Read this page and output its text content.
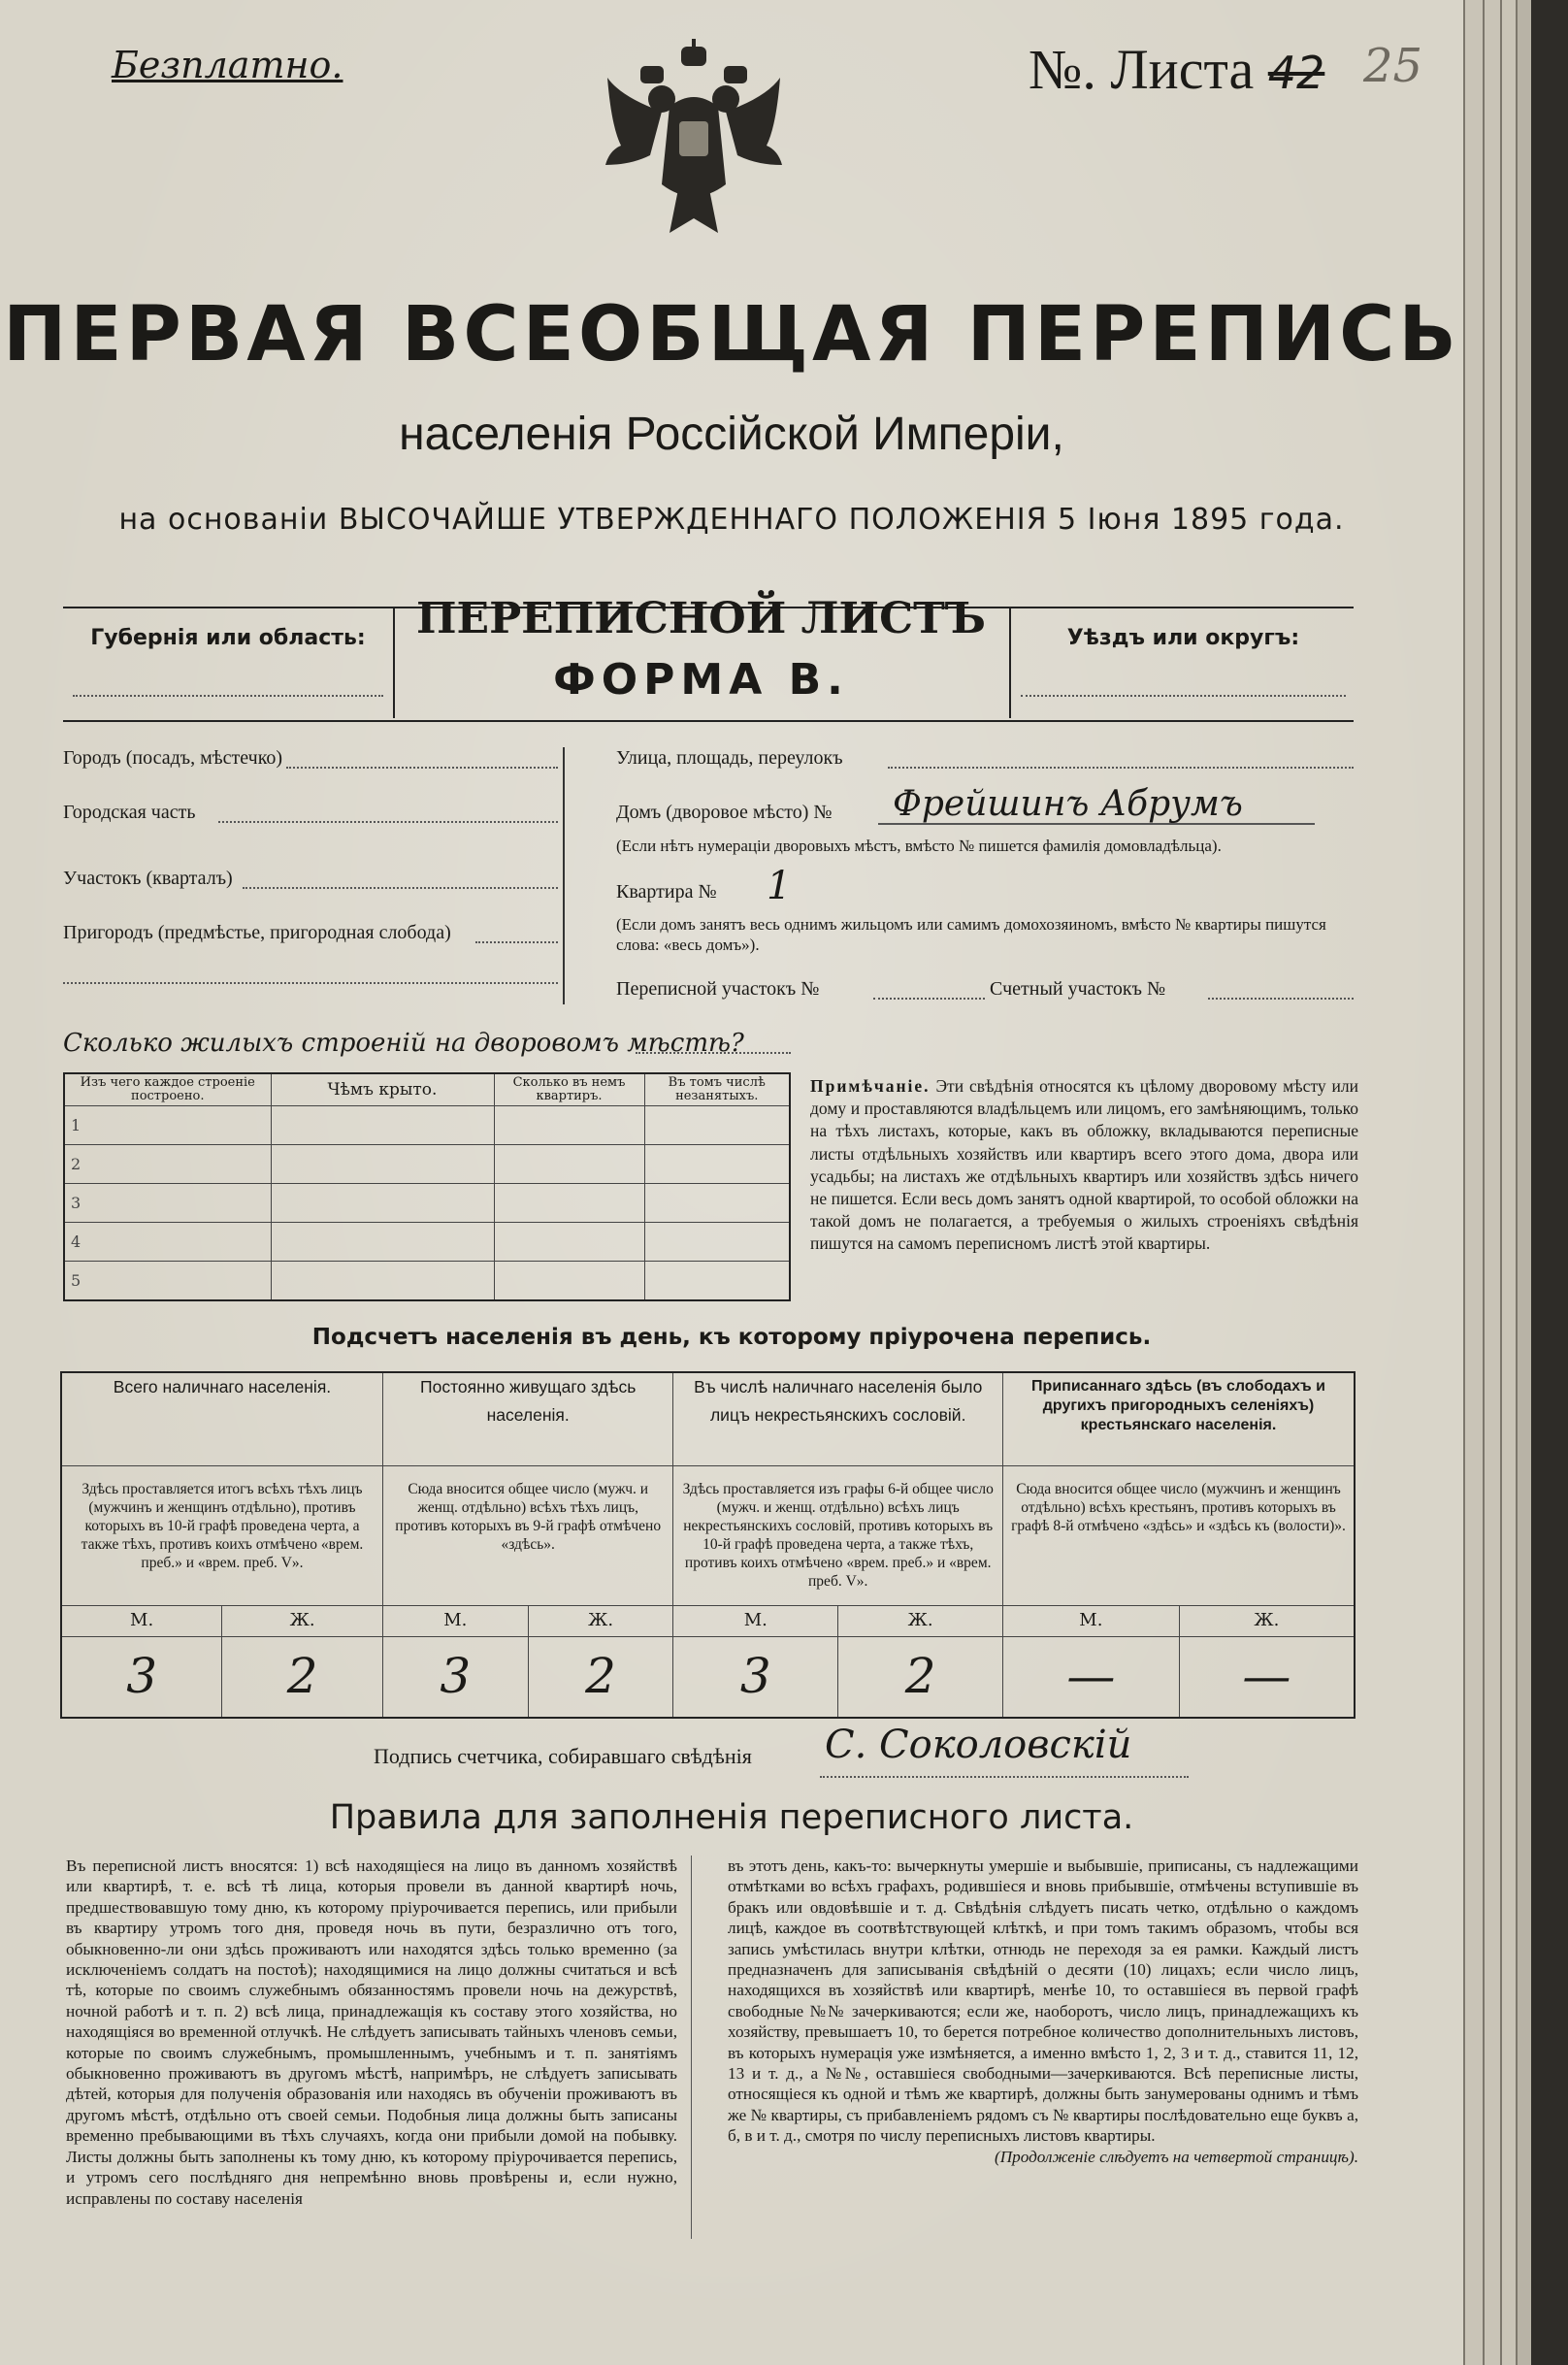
Безплатно.	№. Листа 42 25
ПЕРВАЯ ВСЕОБЩАЯ ПЕРЕПИСЬ
населенія Россійской Имперіи,
на основаніи ВЫСОЧАЙШЕ УТВЕРЖДЕННАГО ПОЛОЖЕНІЯ 5 Іюня 1895 года.
Губернія или область:	ПЕРЕПИСНОЙ ЛИСТЪ
ФОРМА В.
Уѣздъ или округъ:
Городъ (посадъ, мѣстечко)
Городская часть
Участокъ (кварталъ)
Пригородъ (предмѣстье, пригородная слобода)
Улица, площадь, переулокъ
Домъ (дворовое мѣсто) № Фрейшинъ Абрумъ
(Если нѣтъ нумераціи дворовыхъ мѣстъ, вмѣсто № пишется фамилія домовладѣльца).
Квартира № 1
(Если домъ занятъ весь однимъ жильцомъ или самимъ домохозяиномъ, вмѣсто № квартиры пишутся слова: «весь домъ»).
Переписной участокъ №	Счетный участокъ №
Сколько жилыхъ строеній на дворовомъ мѣстѣ?
Изъ чего каждое строеніе построено.	Чѣмъ крыто.	Сколько въ немъ квартиръ.	Въ томъ числѣ незанятыхъ.
1			
2			
3			
4			
5			
Примѣчаніе. Эти свѣдѣнія относятся къ цѣлому дворовому мѣсту или дому и проставляются владѣльцемъ или лицомъ, его замѣняющимъ, только на тѣхъ листахъ, которые, какъ въ обложку, вкладываются переписные листы отдѣльныхъ хозяйствъ или квартиръ всего этого дома, двора или усадьбы; на листахъ же отдѣльныхъ квартиръ или хозяйствъ здѣсь ничего не пишется. Если весь домъ занятъ одной квартирой, то особой обложки на такой домъ не полагается, а требуемыя о жилыхъ строеніяхъ свѣдѣнія пишутся на самомъ переписномъ листѣ этой квартиры.
Подсчетъ населенія въ день, къ которому пріурочена перепись.
Всего наличнаго населенія.		Постоянно живущаго здѣсь населенія.		Въ числѣ наличнаго населенія было лицъ некрестьянскихъ сословій.		Приписаннаго здѣсь (въ слободахъ и другихъ пригородныхъ селеніяхъ) крестьянскаго населенія.	
Здѣсь проставляется итогъ всѣхъ тѣхъ лицъ (мужчинъ и женщинъ отдѣльно), противъ которыхъ въ 10-й графѣ проведена черта, а также тѣхъ, противъ коихъ отмѣчено «врем. преб.» и «врем. преб. V».		Сюда вносится общее число (мужч. и женщ. отдѣльно) всѣхъ тѣхъ лицъ, противъ которыхъ въ 9-й графѣ отмѣчено «здѣсь».		Здѣсь проставляется изъ графы 6-й общее число (мужч. и женщ. отдѣльно) всѣхъ лицъ некрестьянскихъ сословій, противъ которыхъ въ 10-й графѣ проведена черта, а также тѣхъ, противъ коихъ отмѣчено «врем. преб.» и «врем. преб. V».		Сюда вносится общее число (мужчинъ и женщинъ отдѣльно) всѣхъ крестьянъ, противъ которыхъ въ графѣ 8-й отмѣчено «здѣсь» и «здѣсь къ (волости)».	
М.	Ж.	М.	Ж.	М.	Ж.	М.	Ж.
3	2	3	2	3	2	—	—
Подпись счетчика, собиравшаго свѣдѣнія С. Соколовскій
Правила для заполненія переписного листа.
Въ переписной листъ вносятся: 1) всѣ находящіеся на лицо въ данномъ хозяйствѣ или квартирѣ, т. е. всѣ тѣ лица, которыя провели въ данной квартирѣ ночь, предшествовавшую тому дню, къ которому пріурочивается перепись, или прибыли въ квартиру утромъ того дня, проведя ночь въ пути, безразлично отъ того, обыкновенно-ли они здѣсь проживаютъ или находятся здѣсь только временно (за исключеніемъ солдатъ на постоѣ); находящимися на лицо должны считаться и всѣ тѣ, которые по своимъ служебнымъ обязанностямъ провели ночь на дежурствѣ, ночной работѣ и т. п. 2) всѣ лица, принадлежащія къ составу этого хозяйства, но находящіяся во временной отлучкѣ. Не слѣдуетъ записывать тайныхъ членовъ семьи, которые по своимъ служебнымъ, промышленнымъ, учебнымъ и т. п. занятіямъ обыкновенно проживаютъ въ другомъ мѣстѣ, напримѣръ, не слѣдуетъ записывать дѣтей, которыя для полученія образованія или находясь въ обученіи проживаютъ въ другомъ мѣстѣ, отдѣльно отъ своей семьи. Подобныя лица должны быть записаны временно пребывающими въ тѣхъ случаяхъ, когда они прибыли домой на побывку. Листы должны быть заполнены къ тому дню, къ которому пріурочивается перепись, и утромъ сего послѣдняго дня непремѣнно вновь провѣрены и, если нужно, исправлены по составу населенія
въ этотъ день, какъ-то: вычеркнуты умершіе и выбывшіе, приписаны, съ надлежащими отмѣтками во всѣхъ графахъ, родившіеся и вновь прибывшіе, отмѣчены вступившіе въ бракъ или овдовѣвшіе и т. д. Свѣдѣнія слѣдуетъ писать четко, отдѣльно о каждомъ лицѣ, каждое въ соотвѣтствующей клѣткѣ, и при томъ такимъ образомъ, чтобы вся запись умѣстилась внутри клѣтки, отнюдь не переходя за ея рамки. Каждый листъ предназначенъ для записыванія свѣдѣній о десяти (10) лицахъ; если число лицъ, находящихся въ хозяйствѣ или квартирѣ, менѣе 10, то оставшіеся въ первой графѣ свободные №№ зачеркиваются; если же, наоборотъ, число лицъ, принадлежащихъ къ хозяйству, превышаетъ 10, то берется потребное количество дополнительныхъ листовъ, въ которыхъ нумерація уже измѣняется, а именно вмѣсто 1, 2, 3 и т. д., ставится 11, 12, 13 и т. д., а №№, оставшіеся свободными—зачеркиваются. Всѣ переписные листы, относящіеся къ одной и тѣмъ же квартирѣ, должны быть занумерованы однимъ и тѣмъ же № квартиры, съ прибавленіемъ рядомъ съ № квартиры послѣдовательно еще буквъ а, б, в и т. д., смотря по числу переписныхъ листовъ квартиры.
(Продолженіе слѣдуетъ на четвертой страницѣ).
